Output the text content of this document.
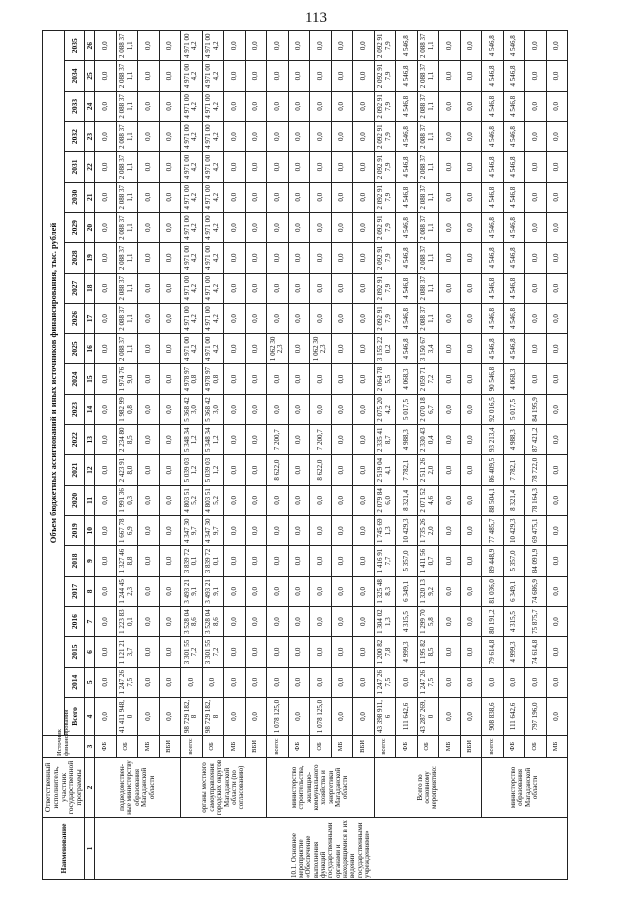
113
Наименование	Ответственный исполнитель, участник государственной программы	Источник финансирования	Объем бюджетных ассигнований и иных источников финансирования, тыс. рублей																						
			Всего	2014	2015	2016	2017	2018	2019	2020	2021	2022	2023	2024	2025	2026	2027	2028	2029	2030	2031	2032	2033	2034	2035
1	2	3	4	5	6	7	8	9	10	11	12	13	14	15	16	17	18	19	20	21	22	23	24	25	26
10.1. Основное мероприятие «Обеспечение выполнения функций государственными органами и находящимися в их ведении государственными учреждениями»	подведомствен-ные министерству образования Магаданской области	ФБ	0,0	0,0	0,0	0,0	0,0	0,0	0,0	0,0	0,0	0,0	0,0	0,0	0,0	0,0	0,0	0,0	0,0	0,0	0,0	0,0	0,0	0,0	0,0
		ОБ	41 411 948,0	1 247 267,5	1 121 213,7	1 223 830,1	1 244 452,3	1 327 468,8	1 667 786,9	1 991 360,3	2 423 918,0	2 234 808,5	1 982 990,8	1 974 769,0	2 088 371,1	2 088 371,1	2 088 371,1	2 088 371,1	2 088 371,1	2 088 371,1	2 088 371,1	2 088 371,1	2 088 371,1	2 088 371,1	2 088 371,1
		МБ	0,0	0,0	0,0	0,0	0,0	0,0	0,0	0,0	0,0	0,0	0,0	0,0	0,0	0,0	0,0	0,0	0,0	0,0	0,0	0,0	0,0	0,0	0,0
		ВБИ	0,0	0,0	0,0	0,0	0,0	0,0	0,0	0,0	0,0	0,0	0,0	0,0	0,0	0,0	0,0	0,0	0,0	0,0	0,0	0,0	0,0	0,0	0,0
	органы местного самоуправления городских округов Магаданской области (по согласованию)	всего:	98 729 182,8	0,0	3 301 557,2	3 528 048,6	3 493 219,1	3 839 720,1	4 347 309,7	4 803 515,2	5 039 031,2	5 348 341,2	5 368 423,0	4 978 970,8	4 971 004,2	4 971 004,2	4 971 004,2	4 971 004,2	4 971 004,2	4 971 004,2	4 971 004,2	4 971 004,2	4 971 004,2	4 971 004,2	4 971 004,2
		ОБ	98 729 182,8	0,0	3 301 557,2	3 528 048,6	3 493 219,1	3 839 720,1	4 347 309,7	4 803 515,2	5 039 031,2	5 348 341,2	5 368 423,0	4 978 970,8	4 971 004,2	4 971 004,2	4 971 004,2	4 971 004,2	4 971 004,2	4 971 004,2	4 971 004,2	4 971 004,2	4 971 004,2	4 971 004,2	4 971 004,2
		МБ	0,0	0,0	0,0	0,0	0,0	0,0	0,0	0,0	0,0	0,0	0,0	0,0	0,0	0,0	0,0	0,0	0,0	0,0	0,0	0,0	0,0	0,0	0,0
		ВБИ	0,0	0,0	0,0	0,0	0,0	0,0	0,0	0,0	0,0	0,0	0,0	0,0	0,0	0,0	0,0	0,0	0,0	0,0	0,0	0,0	0,0	0,0	0,0
	министерство строительства, жилищно-коммунального хозяйства и энергетики Магаданской области	всего:	1 078 125,0	0,0	0,0	0,0	0,0	0,0	0,0	0,0	8 622,0	7 200,7	0,0	0,0	1 062 302,3	0,0	0,0	0,0	0,0	0,0	0,0	0,0	0,0	0,0	0,0
		ФБ	0,0	0,0	0,0	0,0	0,0	0,0	0,0	0,0	0,0	0,0	0,0	0,0	0,0	0,0	0,0	0,0	0,0	0,0	0,0	0,0	0,0	0,0	0,0
		ОБ	1 078 125,0	0,0	0,0	0,0	0,0	0,0	0,0	0,0	8 622,0	7 200,7	0,0	0,0	1 062 302,3	0,0	0,0	0,0	0,0	0,0	0,0	0,0	0,0	0,0	0,0
		МБ	0,0	0,0	0,0	0,0	0,0	0,0	0,0	0,0	0,0	0,0	0,0	0,0	0,0	0,0	0,0	0,0	0,0	0,0	0,0	0,0	0,0	0,0	0,0
		ВБИ	0,0	0,0	0,0	0,0	0,0	0,0	0,0	0,0	0,0	0,0	0,0	0,0	0,0	0,0	0,0	0,0	0,0	0,0	0,0	0,0	0,0	0,0	0,0
	Всего по основному мероприятию:	всего:	43 398 911,6	1 247 267,5	1 200 827,8	1 304 021,3	1 325 488,3	1 416 917,7	1 745 691,3	2 079 846,0	2 519 044,1	2 335 418,7	2 075 204,2	2 064 785,5	3 155 220,2	2 092 917,9	2 092 917,9	2 092 917,9	2 092 917,9	2 092 917,9	2 092 917,9	2 092 917,9	2 092 917,9	2 092 917,9	2 092 917,9
		ФБ	111 642,6	0,0	4 999,3	4 315,5	6 349,1	5 357,0	10 429,3	8 321,4	7 782,1	4 988,3	5 017,5	4 068,3	4 546,8	4 546,8	4 546,8	4 546,8	4 546,8	4 546,8	4 546,8	4 546,8	4 546,8	4 546,8	4 546,8
		ОБ	43 287 269,0	1 247 267,5	1 195 828,5	1 299 705,8	1 320 139,2	1 411 560,7	1 735 262,0	2 071 524,6	2 511 262,0	2 330 430,4	2 070 186,7	2 059 717,2	3 150 673,4	2 088 371,1	2 088 371,1	2 088 371,1	2 088 371,1	2 088 371,1	2 088 371,1	2 088 371,1	2 088 371,1	2 088 371,1	2 088 371,1
		МБ	0,0	0,0	0,0	0,0	0,0	0,0	0,0	0,0	0,0	0,0	0,0	0,0	0,0	0,0	0,0	0,0	0,0	0,0	0,0	0,0	0,0	0,0	0,0
		ВБИ	0,0	0,0	0,0	0,0	0,0	0,0	0,0	0,0	0,0	0,0	0,0	0,0	0,0	0,0	0,0	0,0	0,0	0,0	0,0	0,0	0,0	0,0	0,0
	министерство образования Магаданской области	всего:	908 838,6	0,0	79 614,8	80 191,2	81 036,0	89 448,9	77 485,7	88 504,1	86 409,5	93 213,4	92 016,5	90 546,8	4 546,8	4 546,8	4 546,8	4 546,8	4 546,8	4 546,8	4 546,8	4 546,8	4 546,8	4 546,8	4 546,8
		ФБ	111 642,6	0,0	4 999,3	4 315,5	6 349,1	5 357,0	10 429,3	8 321,4	7 782,1	4 988,3	5 017,5	4 068,3	4 546,8	4 546,8	4 546,8	4 546,8	4 546,8	4 546,8	4 546,8	4 546,8	4 546,8	4 546,8	4 546,8
		ОБ	797 196,0	0,0	74 614,8	75 875,7	74 686,9	84 091,9	69 475,1	78 164,3	78 722,0	87 421,2	84 195,9	0,0	0,0	0,0	0,0	0,0	0,0	0,0	0,0	0,0	0,0	0,0	0,0
		МБ	0,0	0,0	0,0	0,0	0,0	0,0	0,0	0,0	0,0	0,0	0,0	0,0	0,0	0,0	0,0	0,0	0,0	0,0	0,0	0,0	0,0	0,0	0,0
